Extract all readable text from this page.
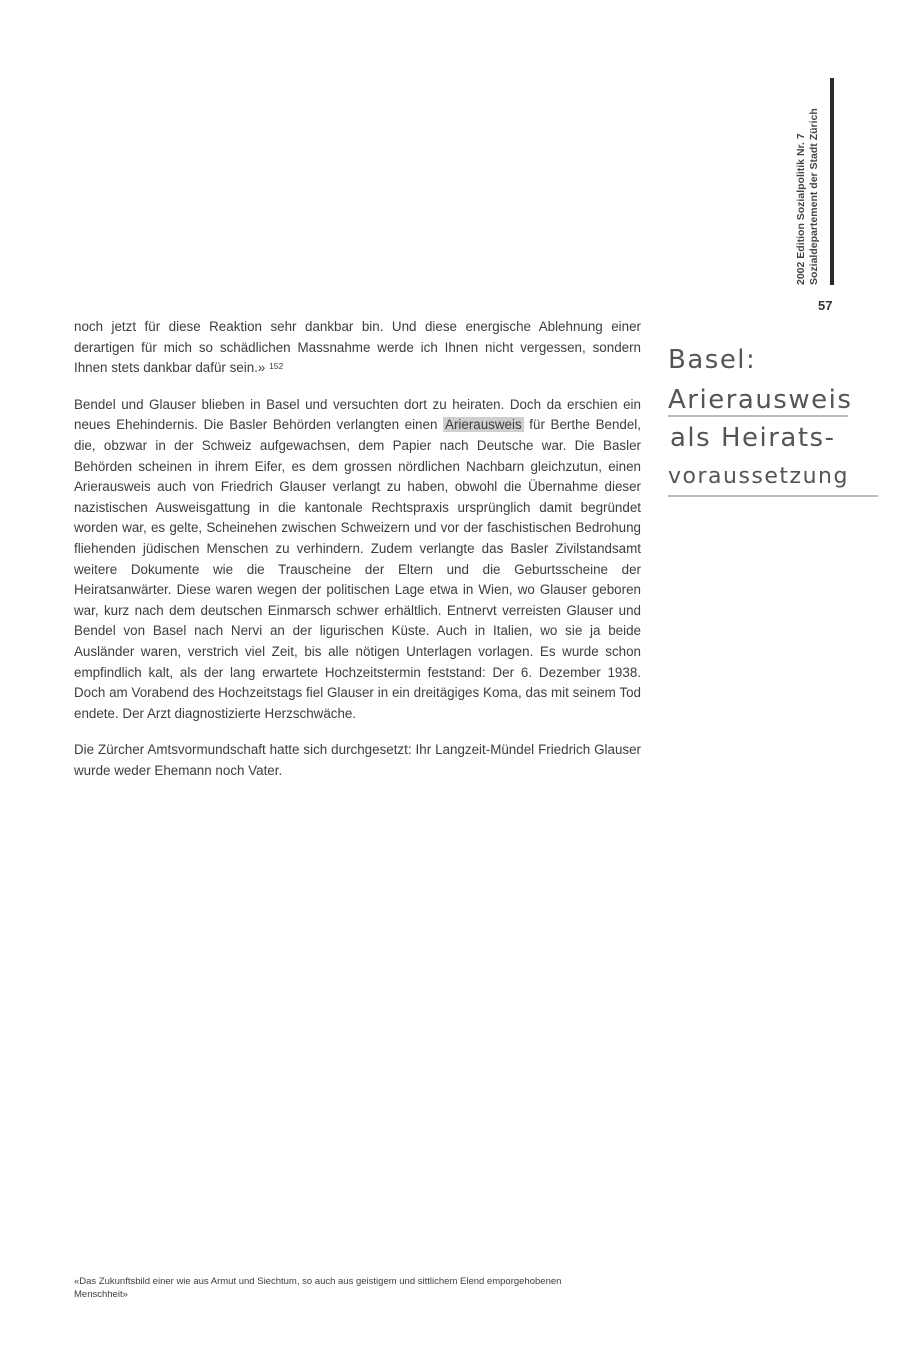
2002 Edition Sozialpolitik Nr. 7 Sozialdepartement der Stadt Zürich
57

noch jetzt für diese Reaktion sehr dankbar bin. Und diese energische Ablehnung einer derartigen für mich so schädlichen Massnahme werde ich Ihnen nicht vergessen, sondern Ihnen stets dankbar dafür sein.» $^{152}$

Bendel und Glauser blieben in Basel und versuchten dort zu heiraten. Doch da erschien ein neues Ehehindernis. Die Basler Behörden verlangten einen Arierausweis für Berthe Bendel, die, obzwar in der Schweiz aufgewachsen, dem Papier nach Deutsche war. Die Basler Behörden scheinen in ihrem Eifer, es dem grossen nördlichen Nachbarn gleichzutun, einen Arierausweis auch von Friedrich Glauser verlangt zu haben, obwohl die Übernahme dieser nazistischen Ausweisgattung in die kantonale Rechtspraxis ursprünglich damit begründet worden war, es gelte, Scheinehen zwischen Schweizern und vor der faschistischen Bedrohung fliehenden jüdischen Menschen zu verhindern. Zudem verlangte das Basler Zivilstandsamt weitere Dokumente wie die Trauscheine der Eltern und die Geburtsscheine der Heiratsanwärter. Diese waren wegen der politischen Lage etwa in Wien, wo Glauser geboren war, kurz nach dem deutschen Einmarsch schwer erhältlich. Entnervt verreisten Glauser und Bendel von Basel nach Nervi an der ligurischen Küste. Auch in Italien, wo sie ja beide Ausländer waren, verstrich viel Zeit, bis alle nötigen Unterlagen vorlagen. Es wurde schon empfindlich kalt, als der lang erwartete Hochzeitstermin feststand: Der 6. Dezember 1938. Doch am Vorabend des Hochzeitstags fiel Glauser in ein dreitägiges Koma, das mit seinem Tod endete. Der Arzt diagnostizierte Herzschwäche.

Die Zürcher Amtsvormundschaft hatte sich durchgesetzt: Ihr Langzeit-Mündel Friedrich Glauser wurde weder Ehemann noch Vater.

Basel:
Arierausweis
als Heirats-
voraussetzung
«Das Zukunftsbild einer wie aus Armut und Siechtum, so auch aus geistigem und sittlichem Elend emporgehobenen Menschheit»
